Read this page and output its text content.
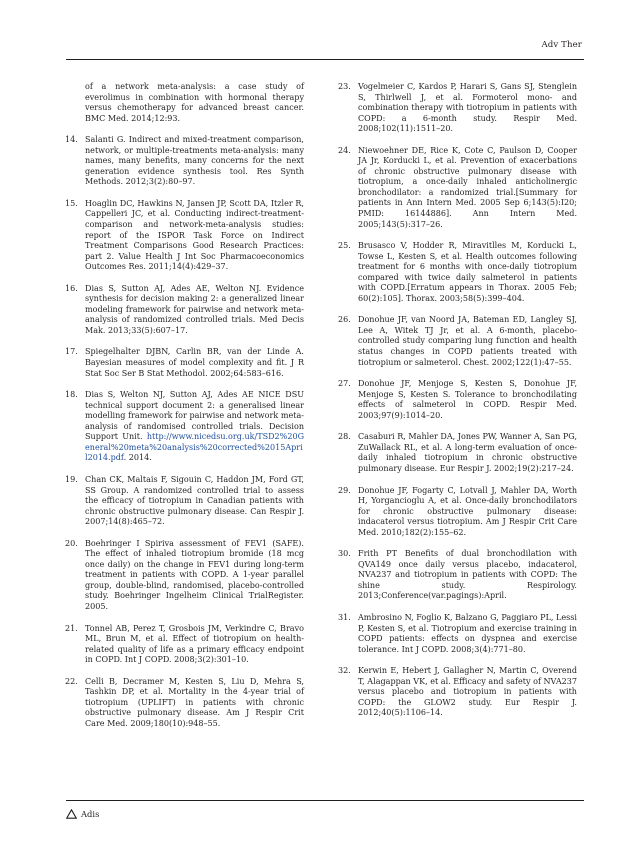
Adv Ther
of a network meta-analysis: a case study of everolimus in combination with hormonal therapy versus chemotherapy for advanced breast cancer. BMC Med. 2014;12:93.
14. Salanti G. Indirect and mixed-treatment comparison, network, or multiple-treatments meta-analysis: many names, many benefits, many concerns for the next generation evidence synthesis tool. Res Synth Methods. 2012;3(2):80–97.
15. Hoaglin DC, Hawkins N, Jansen JP, Scott DA, Itzler R, Cappelleri JC, et al. Conducting indirect-treatment-comparison and network-meta-analysis studies: report of the ISPOR Task Force on Indirect Treatment Comparisons Good Research Practices: part 2. Value Health J Int Soc Pharmacoeconomics Outcomes Res. 2011;14(4):429–37.
16. Dias S, Sutton AJ, Ades AE, Welton NJ. Evidence synthesis for decision making 2: a generalized linear modeling framework for pairwise and network meta-analysis of randomized controlled trials. Med Decis Mak. 2013;33(5):607–17.
17. Spiegelhalter DJBN, Carlin BR, van der Linde A. Bayesian measures of model complexity and fit. J R Stat Soc Ser B Stat Methodol. 2002;64:583–616.
18. Dias S, Welton NJ, Sutton AJ, Ades AE NICE DSU technical support document 2: a generalised linear modelling framework for pairwise and network meta-analysis of randomised controlled trials. Decision Support Unit. http://www.nicedsu.org.uk/TSD2%20General%20meta%20analysis%20corrected%2015April2014.pdf. 2014.
19. Chan CK, Maltais F, Sigouin C, Haddon JM, Ford GT, SS Group. A randomized controlled trial to assess the efficacy of tiotropium in Canadian patients with chronic obstructive pulmonary disease. Can Respir J. 2007;14(8):465–72.
20. Boehringer I Spiriva assessment of FEV1 (SAFE). The effect of inhaled tiotropium bromide (18 mcg once daily) on the change in FEV1 during long-term treatment in patients with COPD. A 1-year parallel group, double-blind, randomised, placebo-controlled study. Boehringer Ingelheim Clinical TrialRegister. 2005.
21. Tonnel AB, Perez T, Grosbois JM, Verkindre C, Bravo ML, Brun M, et al. Effect of tiotropium on health-related quality of life as a primary efficacy endpoint in COPD. Int J COPD. 2008;3(2):301–10.
22. Celli B, Decramer M, Kesten S, Liu D, Mehra S, Tashkin DP, et al. Mortality in the 4-year trial of tiotropium (UPLIFT) in patients with chronic obstructive pulmonary disease. Am J Respir Crit Care Med. 2009;180(10):948–55.
23. Vogelmeier C, Kardos P, Harari S, Gans SJ, Stenglein S, Thirlwell J, et al. Formoterol mono- and combination therapy with tiotropium in patients with COPD: a 6-month study. Respir Med. 2008;102(11):1511–20.
24. Niewoehner DE, Rice K, Cote C, Paulson D, Cooper JA Jr, Korducki L, et al. Prevention of exacerbations of chronic obstructive pulmonary disease with tiotropium, a once-daily inhaled anticholinergic bronchodilator: a randomized trial.[Summary for patients in Ann Intern Med. 2005 Sep 6;143(5):I20; PMID: 16144886]. Ann Intern Med. 2005;143(5):317–26.
25. Brusasco V, Hodder R, Miravitlles M, Korducki L, Towse L, Kesten S, et al. Health outcomes following treatment for 6 months with once-daily tiotropium compared with twice daily salmeterol in patients with COPD.[Erratum appears in Thorax. 2005 Feb; 60(2):105]. Thorax. 2003;58(5):399–404.
26. Donohue JF, van Noord JA, Bateman ED, Langley SJ, Lee A, Witek TJ Jr, et al. A 6-month, placebo-controlled study comparing lung function and health status changes in COPD patients treated with tiotropium or salmeterol. Chest. 2002;122(1):47–55.
27. Donohue JF, Menjoge S, Kesten S, Donohue JF, Menjoge S, Kesten S. Tolerance to bronchodilating effects of salmeterol in COPD. Respir Med. 2003;97(9):1014–20.
28. Casaburi R, Mahler DA, Jones PW, Wanner A, San PG, ZuWallack RL, et al. A long-term evaluation of once-daily inhaled tiotropium in chronic obstructive pulmonary disease. Eur Respir J. 2002;19(2):217–24.
29. Donohue JF, Fogarty C, Lotvall J, Mahler DA, Worth H, Yorgancioglu A, et al. Once-daily bronchodilators for chronic obstructive pulmonary disease: indacaterol versus tiotropium. Am J Respir Crit Care Med. 2010;182(2):155–62.
30. Frith PT Benefits of dual bronchodilation with QVA149 once daily versus placebo, indacaterol, NVA237 and tiotropium in patients with COPD: The shine study. Respirology. 2013;Conference(var.pagings):April.
31. Ambrosino N, Foglio K, Balzano G, Paggiaro PL, Lessi P, Kesten S, et al. Tiotropium and exercise training in COPD patients: effects on dyspnea and exercise tolerance. Int J COPD. 2008;3(4):771–80.
32. Kerwin E, Hebert J, Gallagher N, Martin C, Overend T, Alagappan VK, et al. Efficacy and safety of NVA237 versus placebo and tiotropium in patients with COPD: the GLOW2 study. Eur Respir J. 2012;40(5):1106–14.
Adis
